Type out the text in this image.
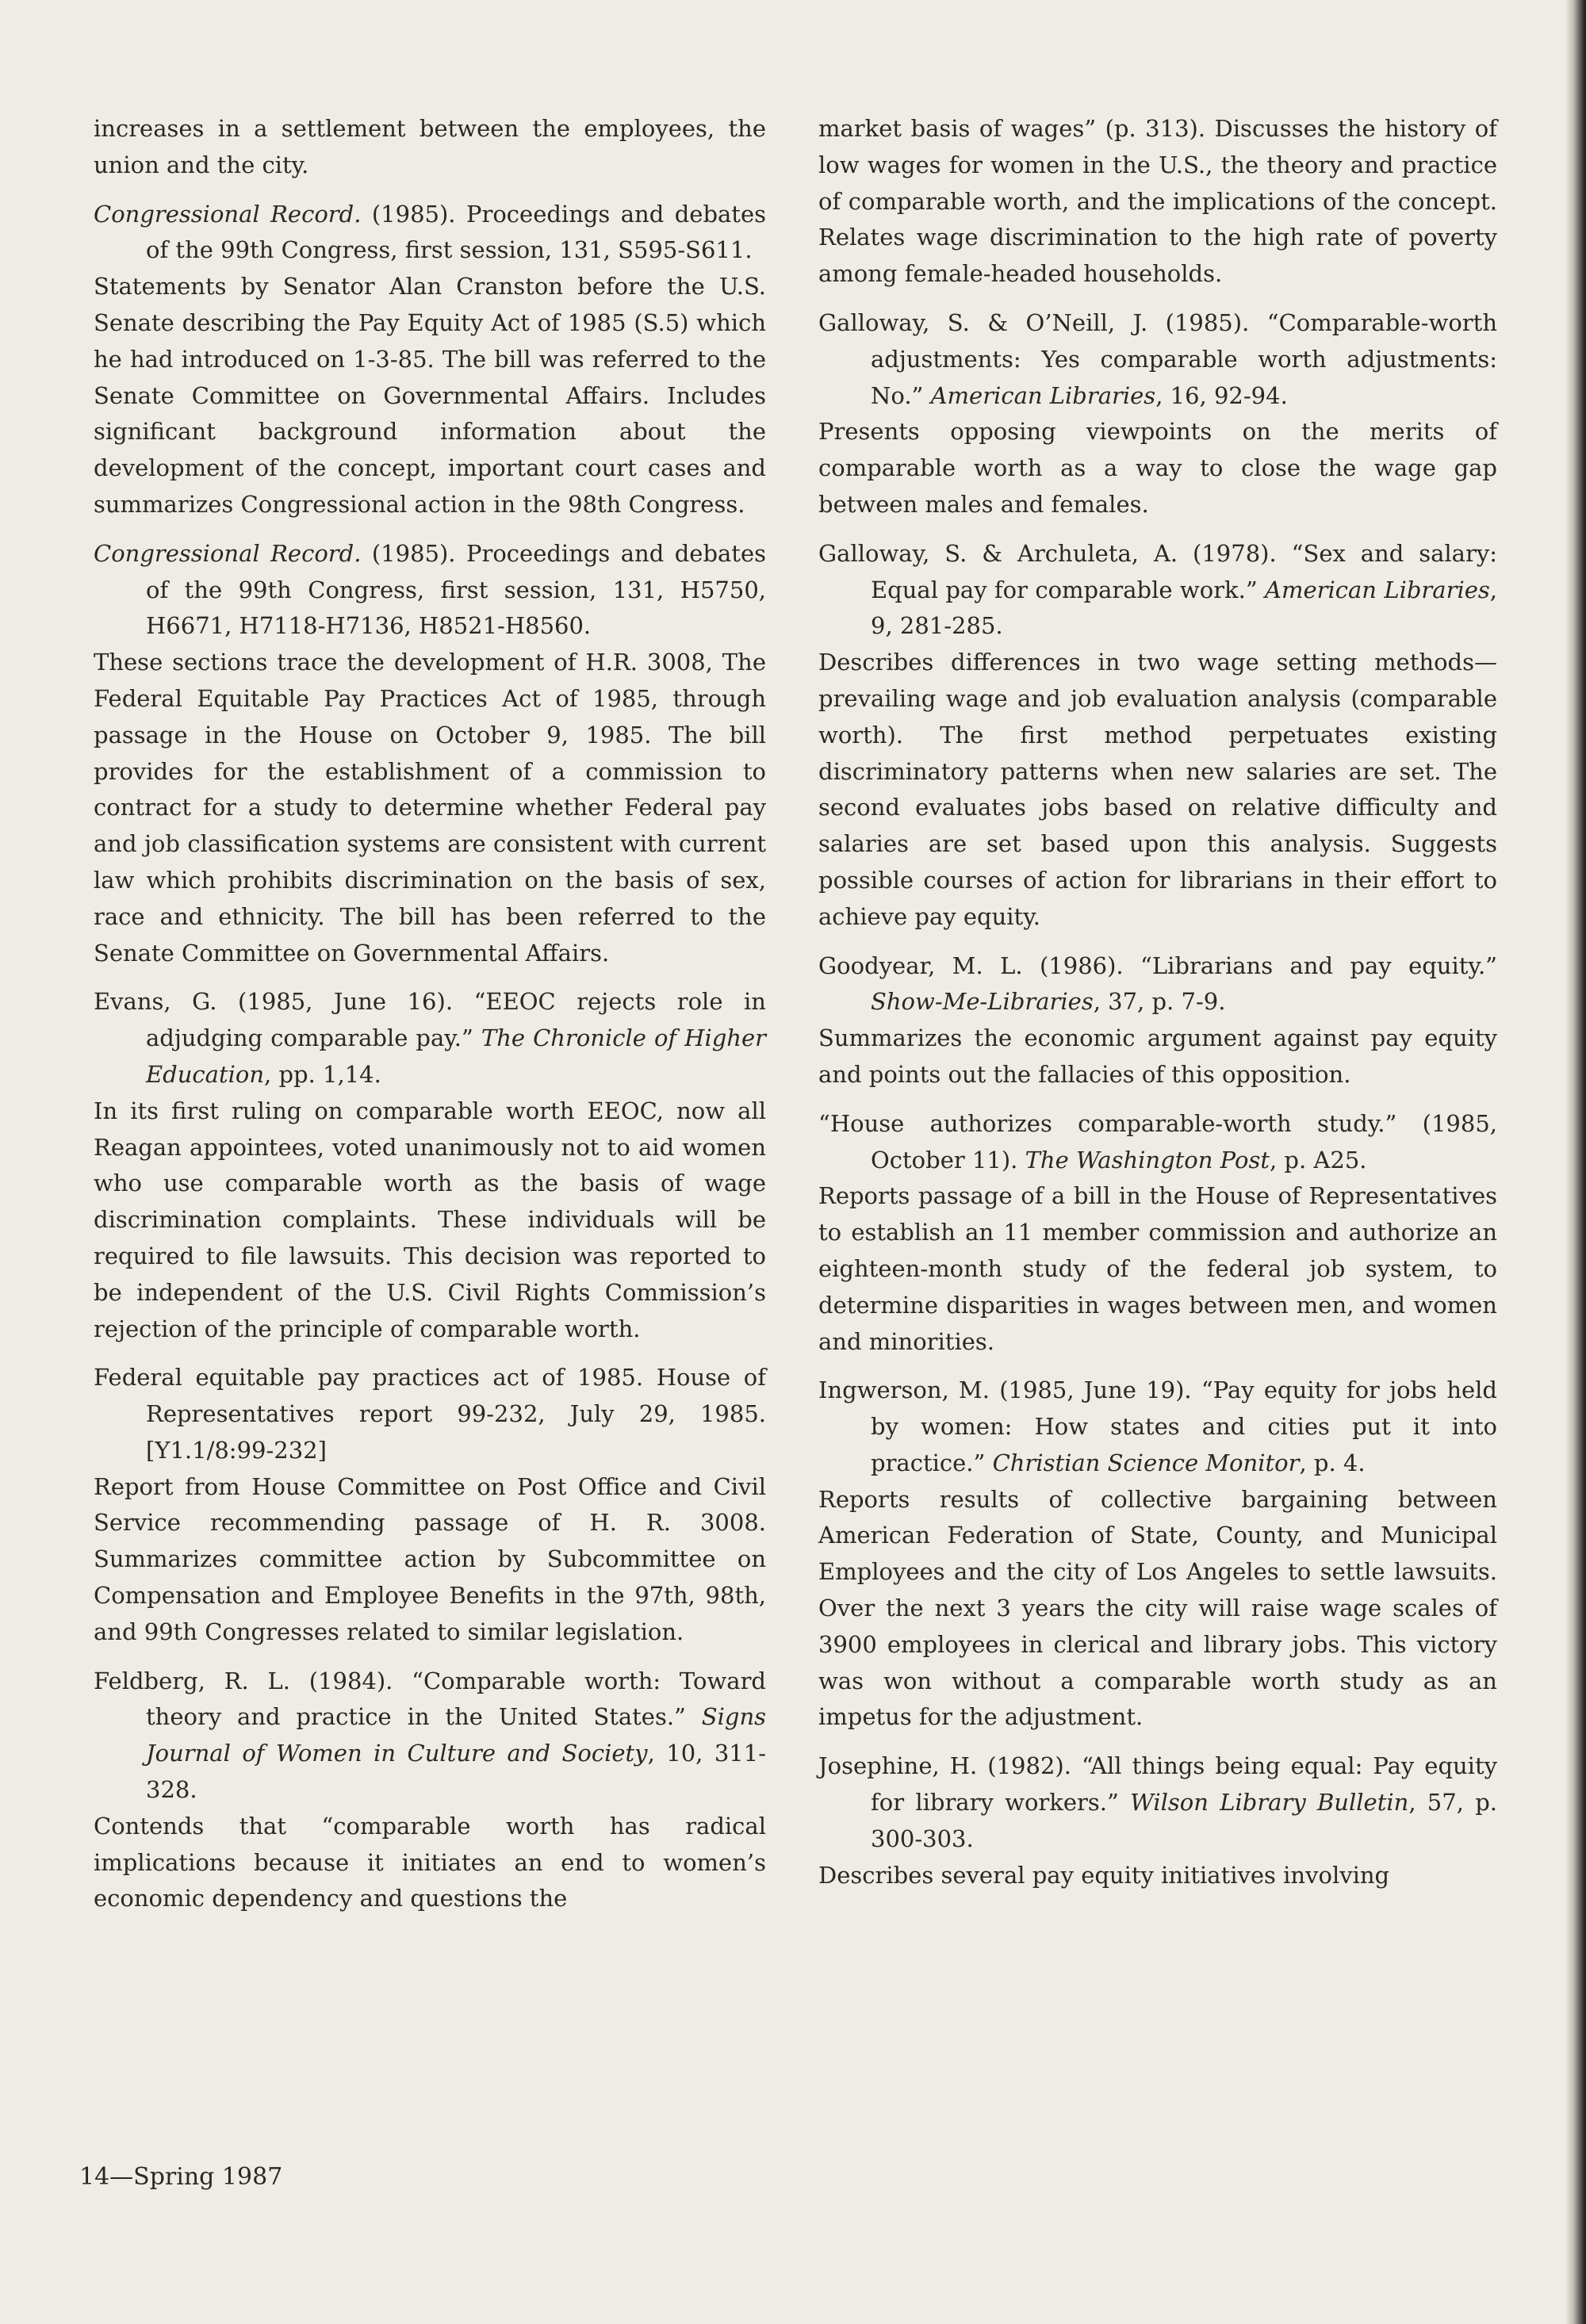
increases in a settlement between the employees, the union and the city.

Congressional Record. (1985). Proceedings and debates of the 99th Congress, first session, 131, S595-S611.

Statements by Senator Alan Cranston before the U.S. Senate describing the Pay Equity Act of 1985 (S.5) which he had introduced on 1-3-85. The bill was referred to the Senate Committee on Governmental Affairs. Includes significant background information about the development of the concept, important court cases and summarizes Congressional action in the 98th Congress.

Congressional Record. (1985). Proceedings and debates of the 99th Congress, first session, 131, H5750, H6671, H7118-H7136, H8521-H8560.

These sections trace the development of H.R. 3008, The Federal Equitable Pay Practices Act of 1985, through passage in the House on October 9, 1985. The bill provides for the establishment of a commission to contract for a study to determine whether Federal pay and job classification systems are consistent with current law which prohibits discrimination on the basis of sex, race and ethnicity. The bill has been referred to the Senate Committee on Governmental Affairs.

Evans, G. (1985, June 16). “EEOC rejects role in adjudging comparable pay.” The Chronicle of Higher Education, pp. 1,14.

In its first ruling on comparable worth EEOC, now all Reagan appointees, voted unanimously not to aid women who use comparable worth as the basis of wage discrimination complaints. These individuals will be required to file lawsuits. This decision was reported to be independent of the U.S. Civil Rights Commission’s rejection of the principle of comparable worth.

Federal equitable pay practices act of 1985. House of Representatives report 99-232, July 29, 1985. [Y1.1/8:99-232]

Report from House Committee on Post Office and Civil Service recommending passage of H. R. 3008. Summarizes committee action by Subcommittee on Compensation and Employee Benefits in the 97th, 98th, and 99th Congresses related to similar legislation.

Feldberg, R. L. (1984). “Comparable worth: Toward theory and practice in the United States.” Signs Journal of Women in Culture and Society, 10, 311-328.

Contends that “comparable worth has radical implications because it initiates an end to women’s economic dependency and questions the

market basis of wages” (p. 313). Discusses the history of low wages for women in the U.S., the theory and practice of comparable worth, and the implications of the concept. Relates wage discrimination to the high rate of poverty among female-headed households.

Galloway, S. & O’Neill, J. (1985). “Comparable-worth adjustments: Yes comparable worth adjustments: No.” American Libraries, 16, 92-94.

Presents opposing viewpoints on the merits of comparable worth as a way to close the wage gap between males and females.

Galloway, S. & Archuleta, A. (1978). “Sex and salary: Equal pay for comparable work.” American Libraries, 9, 281-285.

Describes differences in two wage setting methods—prevailing wage and job evaluation analysis (comparable worth). The first method perpetuates existing discriminatory patterns when new salaries are set. The second evaluates jobs based on relative difficulty and salaries are set based upon this analysis. Suggests possible courses of action for librarians in their effort to achieve pay equity.

Goodyear, M. L. (1986). “Librarians and pay equity.” Show-Me-Libraries, 37, p. 7-9.

Summarizes the economic argument against pay equity and points out the fallacies of this opposition.

“House authorizes comparable-worth study.” (1985, October 11). The Washington Post, p. A25.

Reports passage of a bill in the House of Representatives to establish an 11 member commission and authorize an eighteen-month study of the federal job system, to determine disparities in wages between men, and women and minorities.

Ingwerson, M. (1985, June 19). “Pay equity for jobs held by women: How states and cities put it into practice.” Christian Science Monitor, p. 4.

Reports results of collective bargaining between American Federation of State, County, and Municipal Employees and the city of Los Angeles to settle lawsuits. Over the next 3 years the city will raise wage scales of 3900 employees in clerical and library jobs. This victory was won without a comparable worth study as an impetus for the adjustment.

Josephine, H. (1982). “All things being equal: Pay equity for library workers.” Wilson Library Bulletin, 57, p. 300-303.

Describes several pay equity initiatives involving

14—Spring 1987
